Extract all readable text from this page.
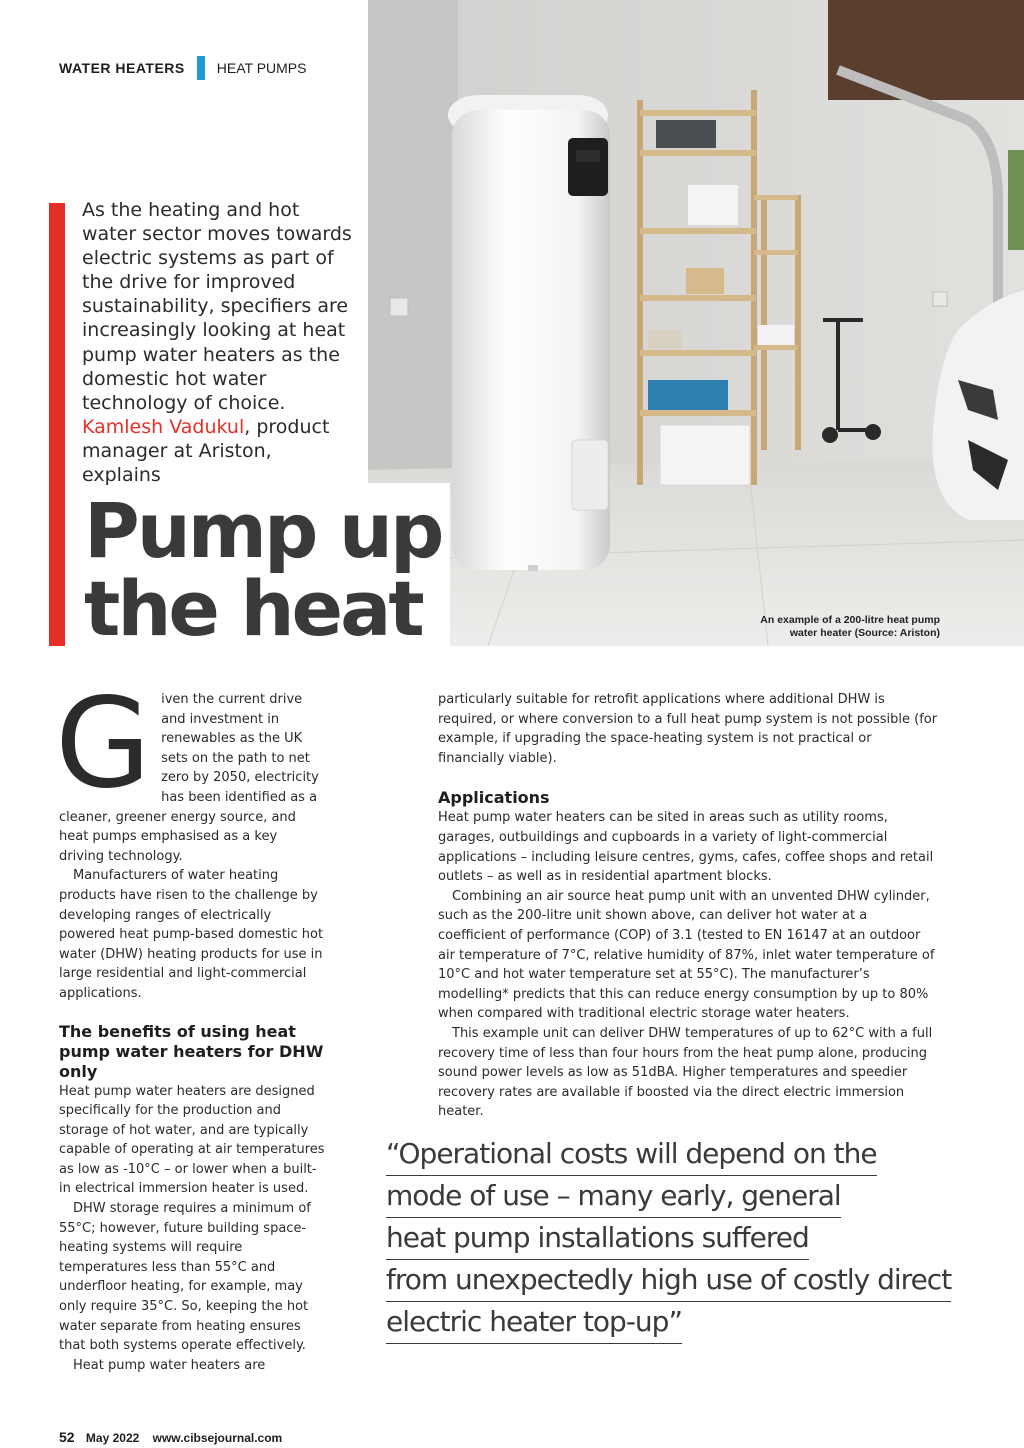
WATER HEATERS HEAT PUMPS
An example of a 200-litre heat pump
water heater (Source: Ariston)
As the heating and hot water sector moves towards electric systems as part of the drive for improved sustainability, specifiers are increasingly looking at heat pump water heaters as the domestic hot water technology of choice. Kamlesh Vadukul, product manager at Ariston, explains
Pump up
the heat

Given the current drive and investment in renewables as the UK sets on the path to net zero by 2050, electricity has been identified as a cleaner, greener energy source, and heat pumps emphasised as a key driving technology.

Manufacturers of water heating products have risen to the challenge by developing ranges of electrically powered heat pump-based domestic hot water (DHW) heating products for use in large residential and light-commercial applications.

The benefits of using heat pump water heaters for DHW only

Heat pump water heaters are designed specifically for the production and storage of hot water, and are typically capable of operating at air temperatures as low as -10°C – or lower when a built-in electrical immersion heater is used.

DHW storage requires a minimum of 55°C; however, future building space-heating systems will require temperatures less than 55°C and underfloor heating, for example, may only require 35°C. So, keeping the hot water separate from heating ensures that both systems operate effectively.

Heat pump water heaters are

particularly suitable for retrofit applications where additional DHW is required, or where conversion to a full heat pump system is not possible (for example, if upgrading the space-heating system is not practical or financially viable).

Applications

Heat pump water heaters can be sited in areas such as utility rooms, garages, outbuildings and cupboards in a variety of light-commercial applications – including leisure centres, gyms, cafes, coffee shops and retail outlets – as well as in residential apartment blocks.

Combining an air source heat pump unit with an unvented DHW cylinder, such as the 200-litre unit shown above, can deliver hot water at a coefficient of performance (COP) of 3.1 (tested to EN 16147 at an outdoor air temperature of 7°C, relative humidity of 87%, inlet water temperature of 10°C and hot water temperature set at 55°C). The manufacturer’s modelling* predicts that this can reduce energy consumption by up to 80% when compared with traditional electric storage water heaters.

This example unit can deliver DHW temperatures of up to 62°C with a full recovery time of less than four hours from the heat pump alone, producing sound power levels as low as 51dBA. Higher temperatures and speedier recovery rates are available if boosted via the direct electric immersion heater.

“Operational costs will depend on the
mode of use – many early, general
heat pump installations suffered
from unexpectedly high use of costly direct
electric heater top-up”
52 May 2022 www.cibsejournal.com
